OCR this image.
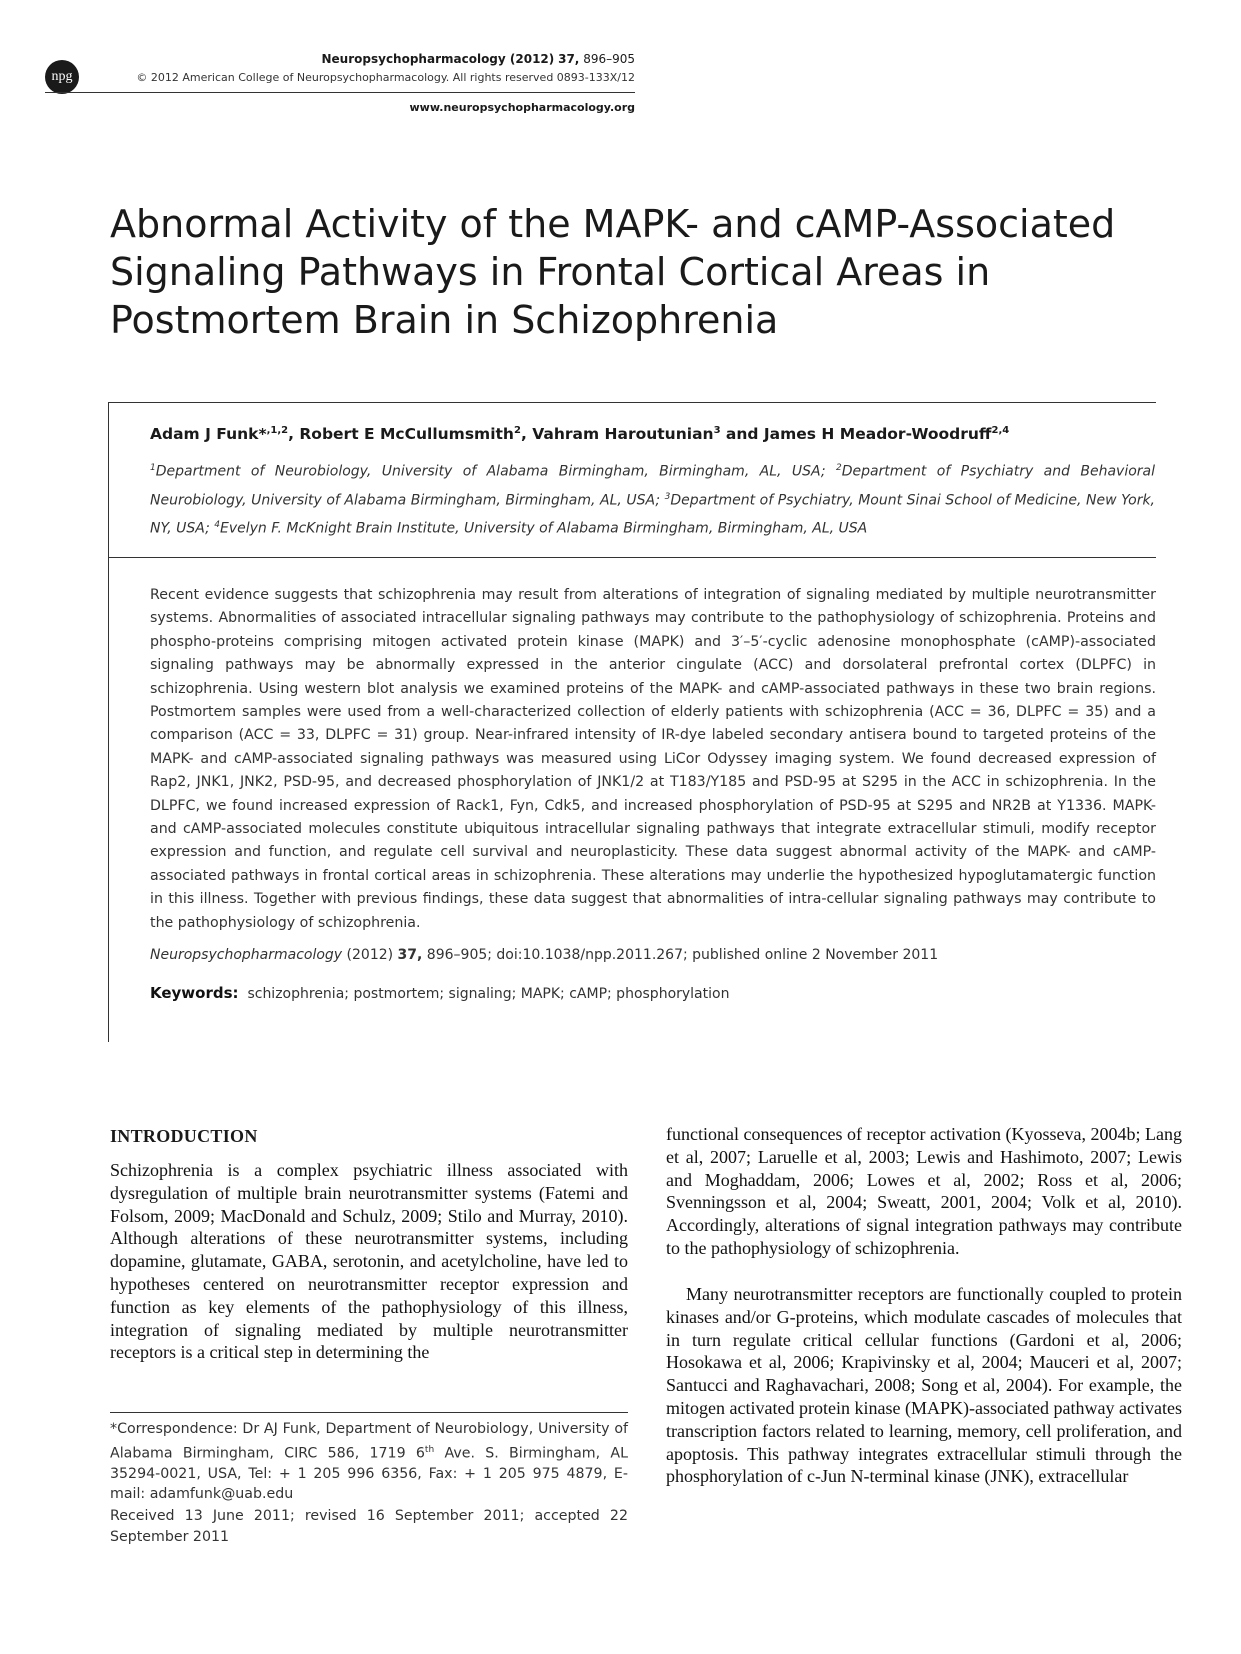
npg
Neuropsychopharmacology (2012) 37, 896–905
© 2012 American College of Neuropsychopharmacology. All rights reserved 0893-133X/12
www.neuropsychopharmacology.org
Abnormal Activity of the MAPK- and cAMP-Associated Signaling Pathways in Frontal Cortical Areas in Postmortem Brain in Schizophrenia
Adam J Funk*$^{,1,2}$, Robert E McCullumsmith$^2$, Vahram Haroutunian$^3$ and James H Meador-Woodruff$^{2,4}$
$^1$Department of Neurobiology, University of Alabama Birmingham, Birmingham, AL, USA; $^2$Department of Psychiatry and Behavioral Neurobiology, University of Alabama Birmingham, Birmingham, AL, USA; $^3$Department of Psychiatry, Mount Sinai School of Medicine, New York, NY, USA; $^4$Evelyn F. McKnight Brain Institute, University of Alabama Birmingham, Birmingham, AL, USA
Recent evidence suggests that schizophrenia may result from alterations of integration of signaling mediated by multiple neurotransmitter systems. Abnormalities of associated intracellular signaling pathways may contribute to the pathophysiology of schizophrenia. Proteins and phospho-proteins comprising mitogen activated protein kinase (MAPK) and 3′–5′-cyclic adenosine monophosphate (cAMP)-associated signaling pathways may be abnormally expressed in the anterior cingulate (ACC) and dorsolateral prefrontal cortex (DLPFC) in schizophrenia. Using western blot analysis we examined proteins of the MAPK- and cAMP-associated pathways in these two brain regions. Postmortem samples were used from a well-characterized collection of elderly patients with schizophrenia (ACC = 36, DLPFC = 35) and a comparison (ACC = 33, DLPFC = 31) group. Near-infrared intensity of IR-dye labeled secondary antisera bound to targeted proteins of the MAPK- and cAMP-associated signaling pathways was measured using LiCor Odyssey imaging system. We found decreased expression of Rap2, JNK1, JNK2, PSD-95, and decreased phosphorylation of JNK1/2 at T183/Y185 and PSD-95 at S295 in the ACC in schizophrenia. In the DLPFC, we found increased expression of Rack1, Fyn, Cdk5, and increased phosphorylation of PSD-95 at S295 and NR2B at Y1336. MAPK- and cAMP-associated molecules constitute ubiquitous intracellular signaling pathways that integrate extracellular stimuli, modify receptor expression and function, and regulate cell survival and neuroplasticity. These data suggest abnormal activity of the MAPK- and cAMP-associated pathways in frontal cortical areas in schizophrenia. These alterations may underlie the hypothesized hypoglutamatergic function in this illness. Together with previous findings, these data suggest that abnormalities of intra-cellular signaling pathways may contribute to the pathophysiology of schizophrenia.
Neuropsychopharmacology (2012) 37, 896–905; doi:10.1038/npp.2011.267; published online 2 November 2011
Keywords:  schizophrenia; postmortem; signaling; MAPK; cAMP; phosphorylation
INTRODUCTION
Schizophrenia is a complex psychiatric illness associated with dysregulation of multiple brain neurotransmitter systems (Fatemi and Folsom, 2009; MacDonald and Schulz, 2009; Stilo and Murray, 2010). Although alterations of these neurotransmitter systems, including dopamine, glutamate, GABA, serotonin, and acetylcholine, have led to hypotheses centered on neurotransmitter receptor expression and function as key elements of the pathophysiology of this illness, integration of signaling mediated by multiple neurotransmitter receptors is a critical step in determining the
*Correspondence: Dr AJ Funk, Department of Neurobiology, University of Alabama Birmingham, CIRC 586, 1719 6th Ave. S. Birmingham, AL 35294-0021, USA, Tel: + 1 205 996 6356, Fax: + 1 205 975 4879, E-mail: adamfunk@uab.edu
Received 13 June 2011; revised 16 September 2011; accepted 22 September 2011
functional consequences of receptor activation (Kyosseva, 2004b; Lang et al, 2007; Laruelle et al, 2003; Lewis and Hashimoto, 2007; Lewis and Moghaddam, 2006; Lowes et al, 2002; Ross et al, 2006; Svenningsson et al, 2004; Sweatt, 2001, 2004; Volk et al, 2010). Accordingly, alterations of signal integration pathways may contribute to the pathophysiology of schizophrenia.
Many neurotransmitter receptors are functionally coupled to protein kinases and/or G-proteins, which modulate cascades of molecules that in turn regulate critical cellular functions (Gardoni et al, 2006; Hosokawa et al, 2006; Krapivinsky et al, 2004; Mauceri et al, 2007; Santucci and Raghavachari, 2008; Song et al, 2004). For example, the mitogen activated protein kinase (MAPK)-associated pathway activates transcription factors related to learning, memory, cell proliferation, and apoptosis. This pathway integrates extracellular stimuli through the phosphorylation of c-Jun N-terminal kinase (JNK), extracellular
